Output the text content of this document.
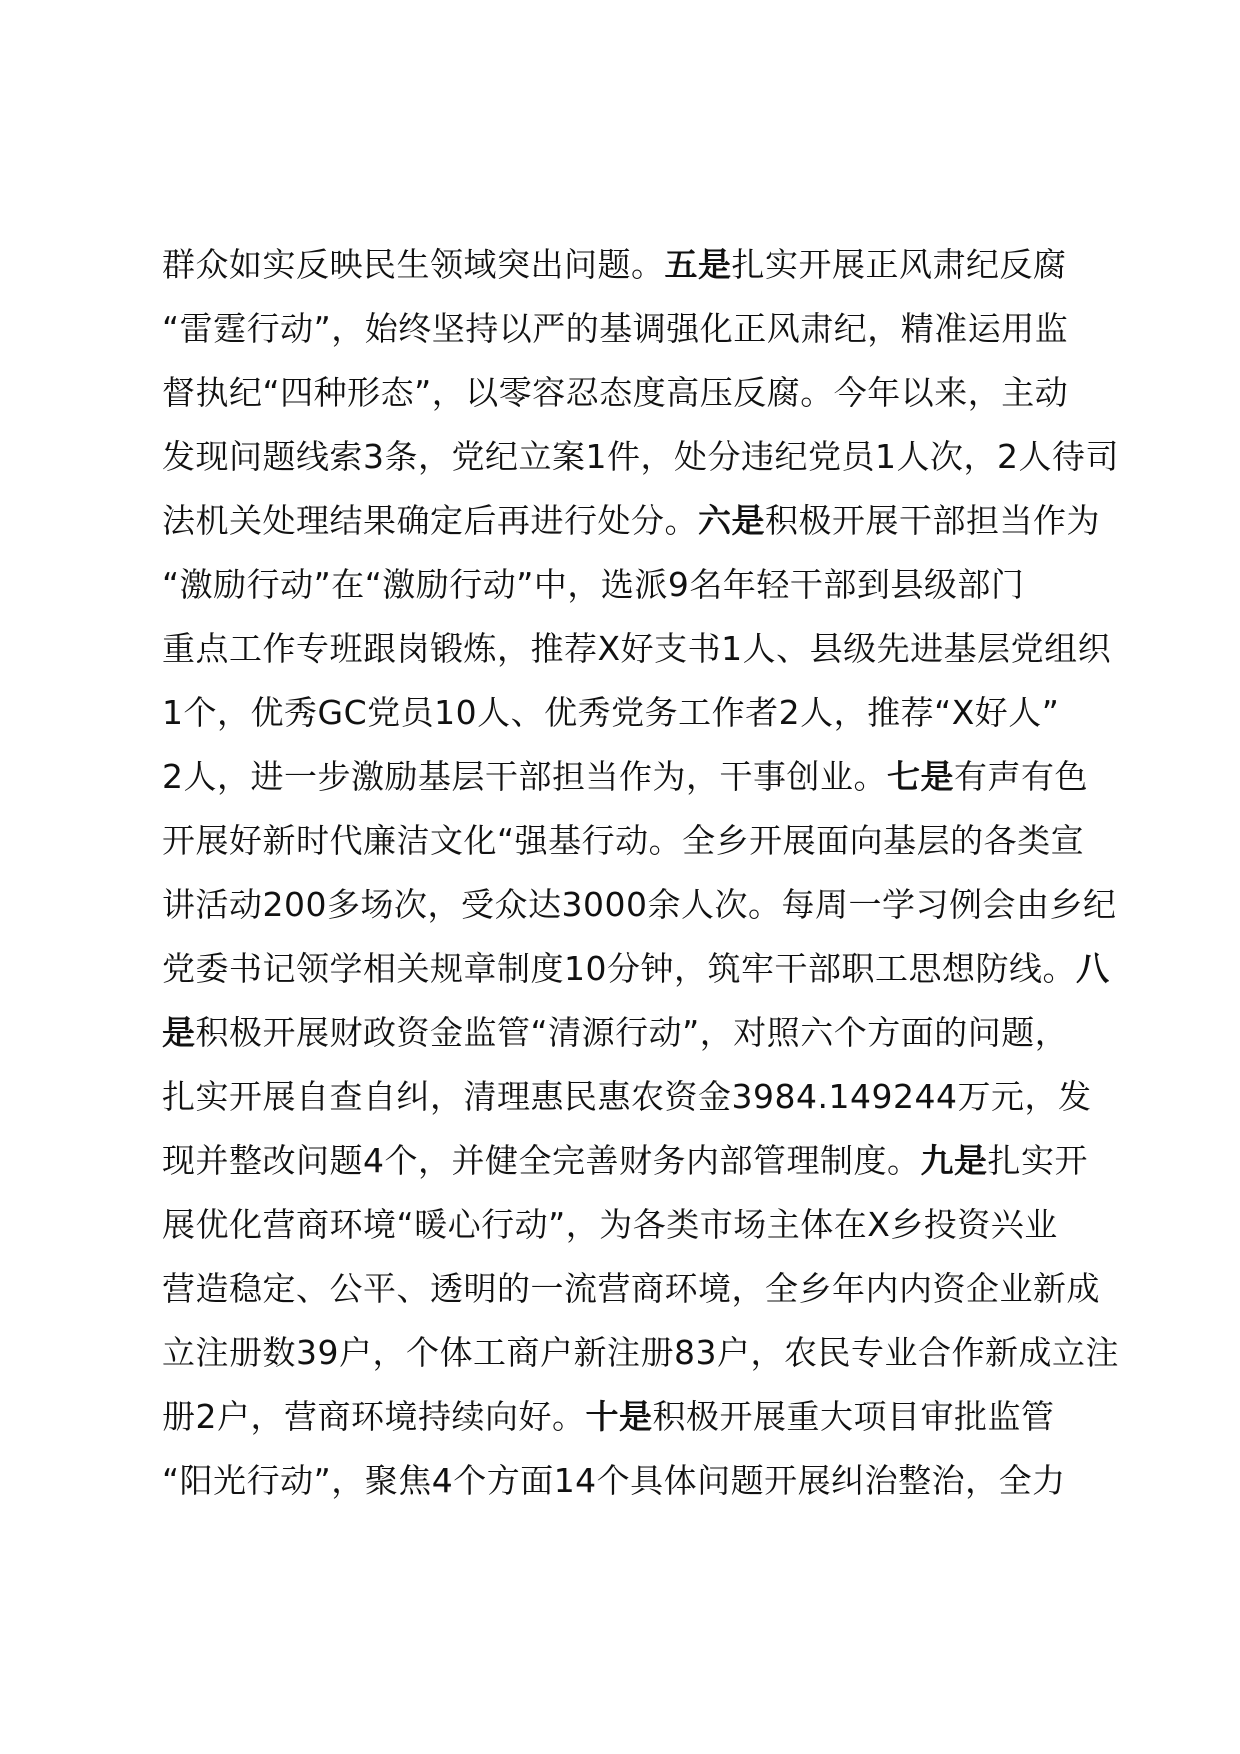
群众如实反映民生领域突出问题。五是扎实开展正风肃纪反腐
“雷霆行动”，始终坚持以严的基调强化正风肃纪，精准运用监
督执纪“四种形态”，以零容忍态度高压反腐。今年以来，主动
发现问题线索3条，党纪立案1件，处分违纪党员1人次，2人待司
法机关处理结果确定后再进行处分。六是积极开展干部担当作为
“激励行动”在“激励行动”中，选派9名年轻干部到县级部门
重点工作专班跟岗锻炼，推荐X好支书1人、县级先进基层党组织
1个，优秀GC党员10人、优秀党务工作者2人，推荐“X好人”
2人，进一步激励基层干部担当作为，干事创业。七是有声有色
开展好新时代廉洁文化“强基行动。全乡开展面向基层的各类宣
讲活动200多场次，受众达3000余人次。每周一学习例会由乡纪
党委书记领学相关规章制度10分钟，筑牢干部职工思想防线。八
是积极开展财政资金监管“清源行动”，对照六个方面的问题，
扎实开展自查自纠，清理惠民惠农资金3984.149244万元，发
现并整改问题4个，并健全完善财务内部管理制度。九是扎实开
展优化营商环境“暖心行动”，为各类市场主体在X乡投资兴业
营造稳定、公平、透明的一流营商环境，全乡年内内资企业新成
立注册数39户，个体工商户新注册83户，农民专业合作新成立注
册2户，营商环境持续向好。十是积极开展重大项目审批监管
“阳光行动”，聚焦4个方面14个具体问题开展纠治整治，全力
